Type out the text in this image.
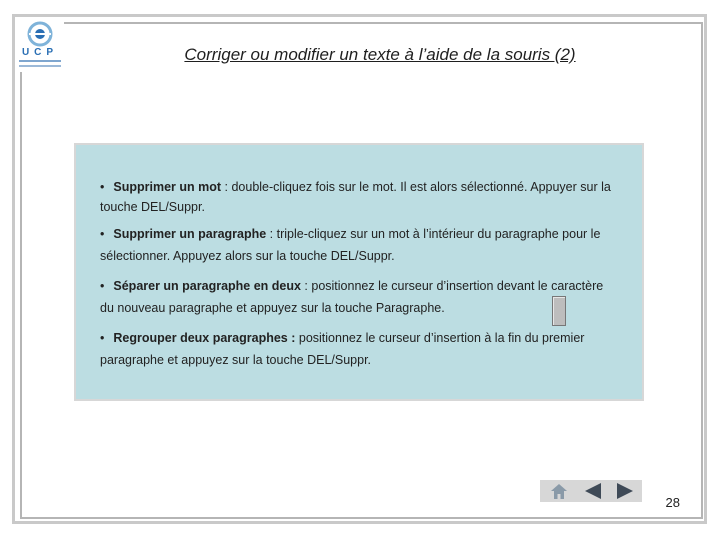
UCP	Corriger ou modifier un texte à l’aide de la souris (2)
• Supprimer un mot : double-cliquez fois sur le mot. Il est alors sélectionné. Appuyer sur la touche DEL/Suppr.
• Supprimer un paragraphe : triple-cliquez sur un mot à l’intérieur du paragraphe pour le sélectionner. Appuyez alors sur la touche DEL/Suppr.
• Séparer un paragraphe en deux : positionnez le curseur d’insertion devant le caractère du nouveau paragraphe et appuyez sur la touche Paragraphe.
• Regrouper deux paragraphes : positionnez le curseur d’insertion à la fin du premier paragraphe et appuyez sur la touche DEL/Suppr.
28
